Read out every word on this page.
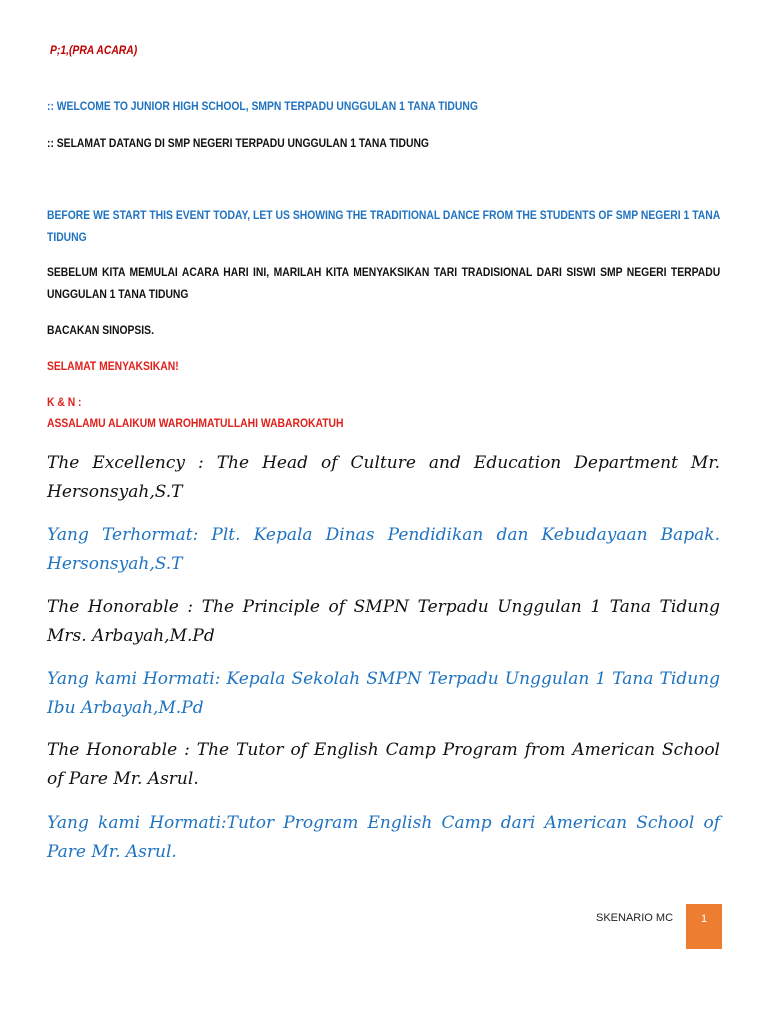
P;1,(PRA ACARA)
:: WELCOME TO JUNIOR HIGH SCHOOL, SMPN TERPADU UNGGULAN 1 TANA TIDUNG
:: SELAMAT DATANG DI SMP NEGERI TERPADU UNGGULAN 1 TANA TIDUNG
BEFORE WE START THIS EVENT TODAY, LET US SHOWING THE TRADITIONAL DANCE FROM THE STUDENTS OF SMP NEGERI 1 TANA TIDUNG
SEBELUM KITA MEMULAI ACARA HARI INI, MARILAH KITA MENYAKSIKAN TARI TRADISIONAL DARI SISWI SMP NEGERI TERPADU UNGGULAN 1 TANA TIDUNG
BACAKAN SINOPSIS.
SELAMAT MENYAKSIKAN!
K & N :
ASSALAMU ALAIKUM WAROHMATULLAHI WABAROKATUH
The Excellency : The Head of Culture and Education Department Mr. Hersonsyah,S.T
Yang Terhormat: Plt. Kepala Dinas Pendidikan dan Kebudayaan Bapak. Hersonsyah,S.T
The Honorable : The Principle of SMPN Terpadu Unggulan 1 Tana Tidung Mrs. Arbayah,M.Pd
Yang kami Hormati: Kepala Sekolah SMPN Terpadu Unggulan 1 Tana Tidung Ibu Arbayah,M.Pd
The Honorable : The Tutor of English Camp Program from American School of Pare Mr. Asrul.
Yang kami Hormati:Tutor Program English Camp dari American School of Pare Mr. Asrul.
SKENARIO MC	1
